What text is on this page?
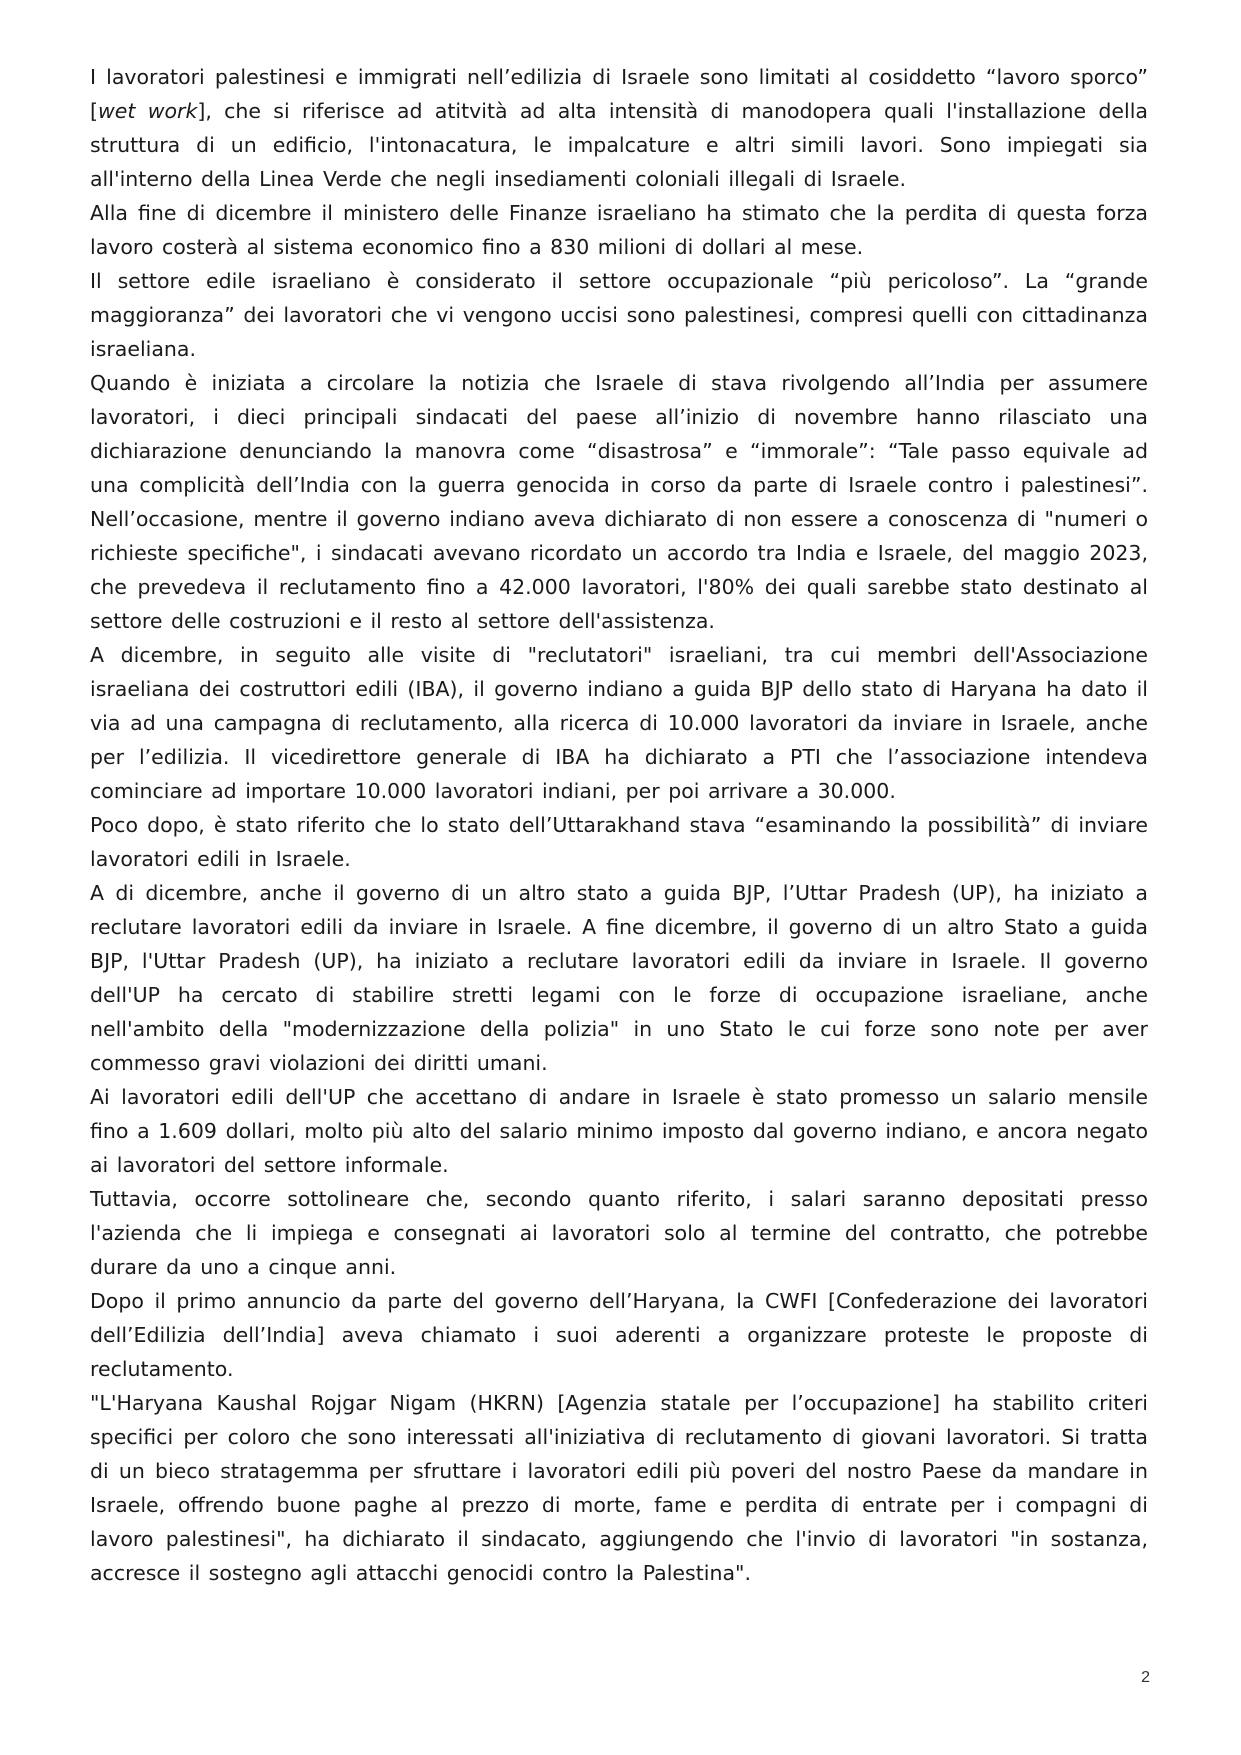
I lavoratori palestinesi e immigrati nell’edilizia di Israele sono limitati al cosiddetto “lavoro sporco” [wet work], che si riferisce ad atitvità ad alta intensità di manodopera quali l'installazione della struttura di un edificio, l'intonacatura, le impalcature e altri simili lavori. Sono impiegati sia all'interno della Linea Verde che negli insediamenti coloniali illegali di Israele.

Alla fine di dicembre il ministero delle Finanze israeliano ha stimato che la perdita di questa forza lavoro costerà al sistema economico fino a 830 milioni di dollari al mese.

Il settore edile israeliano è considerato il settore occupazionale “più pericoloso”. La “grande maggioranza” dei lavoratori che vi vengono uccisi sono palestinesi, compresi quelli con cittadinanza israeliana.

Quando è iniziata a circolare la notizia che Israele di stava rivolgendo all’India per assumere lavoratori, i dieci principali sindacati del paese all’inizio di novembre hanno rilasciato una dichiarazione denunciando la manovra come “disastrosa” e “immorale”: “Tale passo equivale ad una complicità dell’India con la guerra genocida in corso da parte di Israele contro i palestinesi”. Nell’occasione, mentre il governo indiano aveva dichiarato di non essere a conoscenza di "numeri o richieste specifiche", i sindacati avevano ricordato un accordo tra India e Israele, del maggio 2023, che prevedeva il reclutamento fino a 42.000 lavoratori, l'80% dei quali sarebbe stato destinato al settore delle costruzioni e il resto al settore dell'assistenza.

A dicembre, in seguito alle visite di "reclutatori" israeliani, tra cui membri dell'Associazione israeliana dei costruttori edili (IBA), il governo indiano a guida BJP dello stato di Haryana ha dato il via ad una campagna di reclutamento, alla ricerca di 10.000 lavoratori da inviare in Israele, anche per l’edilizia. Il vicedirettore generale di IBA ha dichiarato a PTI che l’associazione intendeva cominciare ad importare 10.000 lavoratori indiani, per poi arrivare a 30.000.

Poco dopo, è stato riferito che lo stato dell’Uttarakhand stava “esaminando la possibilità” di inviare lavoratori edili in Israele.

A di dicembre, anche il governo di un altro stato a guida BJP, l’Uttar Pradesh (UP), ha iniziato a reclutare lavoratori edili da inviare in Israele. A fine dicembre, il governo di un altro Stato a guida BJP, l'Uttar Pradesh (UP), ha iniziato a reclutare lavoratori edili da inviare in Israele. Il governo dell'UP ha cercato di stabilire stretti legami con le forze di occupazione israeliane, anche nell'ambito della "modernizzazione della polizia" in uno Stato le cui forze sono note per aver commesso gravi violazioni dei diritti umani.

Ai lavoratori edili dell'UP che accettano di andare in Israele è stato promesso un salario mensile fino a 1.609 dollari, molto più alto del salario minimo imposto dal governo indiano, e ancora negato ai lavoratori del settore informale.

Tuttavia, occorre sottolineare che, secondo quanto riferito, i salari saranno depositati presso l'azienda che li impiega e consegnati ai lavoratori solo al termine del contratto, che potrebbe durare da uno a cinque anni.

Dopo il primo annuncio da parte del governo dell’Haryana, la CWFI [Confederazione dei lavoratori dell’Edilizia dell’India] aveva chiamato i suoi aderenti a organizzare proteste le proposte di reclutamento.

"L'Haryana Kaushal Rojgar Nigam (HKRN) [Agenzia statale per l’occupazione] ha stabilito criteri specifici per coloro che sono interessati all'iniziativa di reclutamento di giovani lavoratori. Si tratta di un bieco stratagemma per sfruttare i lavoratori edili più poveri del nostro Paese da mandare in Israele, offrendo buone paghe al prezzo di morte, fame e perdita di entrate per i compagni di lavoro palestinesi", ha dichiarato il sindacato, aggiungendo che l'invio di lavoratori "in sostanza, accresce il sostegno agli attacchi genocidi contro la Palestina".

2
